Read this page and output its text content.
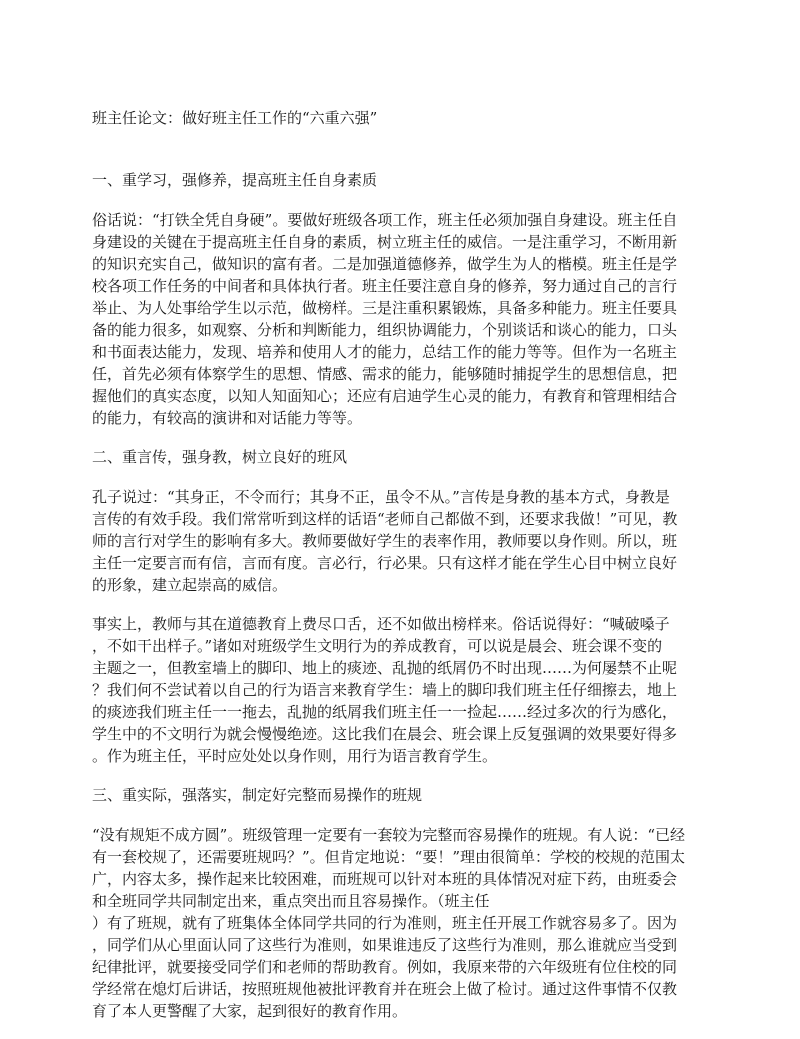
班主任论文：做好班主任工作的“六重六强”
一、重学习，强修养，提高班主任自身素质

俗话说：“打铁全凭自身硬”。要做好班级各项工作，班主任必须加强自身建设。班主任自
身建设的关键在于提高班主任自身的素质，树立班主任的威信。一是注重学习，不断用新
的知识充实自己，做知识的富有者。二是加强道德修养，做学生为人的楷模。班主任是学
校各项工作任务的中间者和具体执行者。班主任要注意自身的修养，努力通过自己的言行
举止、为人处事给学生以示范，做榜样。三是注重积累锻炼，具备多种能力。班主任要具
备的能力很多，如观察、分析和判断能力，组织协调能力，个别谈话和谈心的能力，口头
和书面表达能力，发现、培养和使用人才的能力，总结工作的能力等等。但作为一名班主
任，首先必须有体察学生的思想、情感、需求的能力，能够随时捕捉学生的思想信息，把
握他们的真实态度，以知人知面知心；还应有启迪学生心灵的能力，有教育和管理相结合
的能力，有较高的演讲和对话能力等等。

二、重言传，强身教，树立良好的班风

孔子说过：“其身正，不令而行；其身不正，虽令不从。”言传是身教的基本方式，身教是
言传的有效手段。我们常常听到这样的话语“老师自己都做不到，还要求我做！”可见，教
师的言行对学生的影响有多大。教师要做好学生的表率作用，教师要以身作则。所以，班
主任一定要言而有信，言而有度。言必行，行必果。只有这样才能在学生心目中树立良好
的形象，建立起崇高的威信。

事实上，教师与其在道德教育上费尽口舌，还不如做出榜样来。俗话说得好：“喊破嗓子
，不如干出样子。”诸如对班级学生文明行为的养成教育，可以说是晨会、班会课不变的
主题之一，但教室墙上的脚印、地上的痰迹、乱抛的纸屑仍不时出现……为何屡禁不止呢
？我们何不尝试着以自己的行为语言来教育学生：墙上的脚印我们班主任仔细擦去，地上
的痰迹我们班主任一一拖去，乱抛的纸屑我们班主任一一捡起……经过多次的行为感化，
学生中的不文明行为就会慢慢绝迹。这比我们在晨会、班会课上反复强调的效果要好得多
。作为班主任，平时应处处以身作则，用行为语言教育学生。

三、重实际，强落实，制定好完整而易操作的班规

“没有规矩不成方圆”。班级管理一定要有一套较为完整而容易操作的班规。有人说：“已经
有一套校规了，还需要班规吗？”。但肯定地说：“要！”理由很简单：学校的校规的范围太
广，内容太多，操作起来比较困难，而班规可以针对本班的具体情况对症下药，由班委会
和全班同学共同制定出来，重点突出而且容易操作。（班主任
）有了班规，就有了班集体全体同学共同的行为准则，班主任开展工作就容易多了。因为
，同学们从心里面认同了这些行为准则，如果谁违反了这些行为准则，那么谁就应当受到
纪律批评，就要接受同学们和老师的帮助教育。例如，我原来带的六年级班有位住校的同
学经常在熄灯后讲话，按照班规他被批评教育并在班会上做了检讨。通过这件事情不仅教
育了本人更警醒了大家，起到很好的教育作用。
